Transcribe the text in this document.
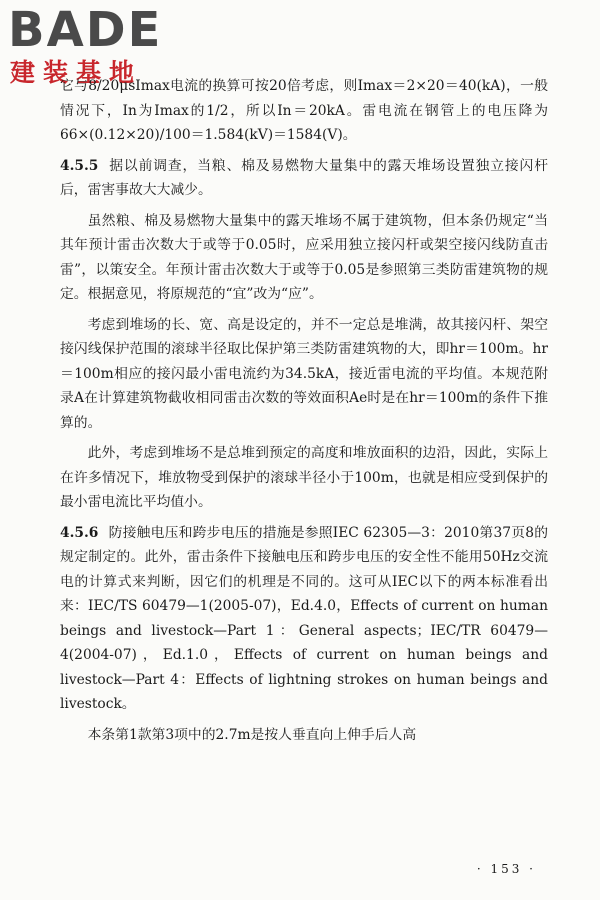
BADE
建装基地

它与8/20μsImax电流的换算可按20倍考虑，则Imax＝2×20＝40(kA)，一般情况下，In为Imax的1/2，所以In＝20kA。雷电流在钢管上的电压降为66×(0.12×20)/100＝1.584(kV)＝1584(V)。

4.5.5 据以前调查，当粮、棉及易燃物大量集中的露天堆场设置独立接闪杆后，雷害事故大大减少。

虽然粮、棉及易燃物大量集中的露天堆场不属于建筑物，但本条仍规定“当其年预计雷击次数大于或等于0.05时，应采用独立接闪杆或架空接闪线防直击雷”，以策安全。年预计雷击次数大于或等于0.05是参照第三类防雷建筑物的规定。根据意见，将原规范的“宜”改为“应”。

考虑到堆场的长、宽、高是设定的，并不一定总是堆满，故其接闪杆、架空接闪线保护范围的滚球半径取比保护第三类防雷建筑物的大，即hr＝100m。hr＝100m相应的接闪最小雷电流约为34.5kA，接近雷电流的平均值。本规范附录A在计算建筑物截收相同雷击次数的等效面积Ae时是在hr＝100m的条件下推算的。

此外，考虑到堆场不是总堆到预定的高度和堆放面积的边沿，因此，实际上在许多情况下，堆放物受到保护的滚球半径小于100m，也就是相应受到保护的最小雷电流比平均值小。

4.5.6 防接触电压和跨步电压的措施是参照IEC 62305—3：2010第37页8的规定制定的。此外，雷击条件下接触电压和跨步电压的安全性不能用50Hz交流电的计算式来判断，因它们的机理是不同的。这可从IEC以下的两本标准看出来：IEC/TS 60479—1(2005-07)，Ed.4.0，Effects of current on human beings and livestock—Part 1：General aspects；IEC/TR 60479—4(2004-07)，Ed.1.0，Effects of current on human beings and livestock—Part 4：Effects of lightning strokes on human beings and livestock。

本条第1款第3项中的2.7m是按人垂直向上伸手后人高

· 153 ·
